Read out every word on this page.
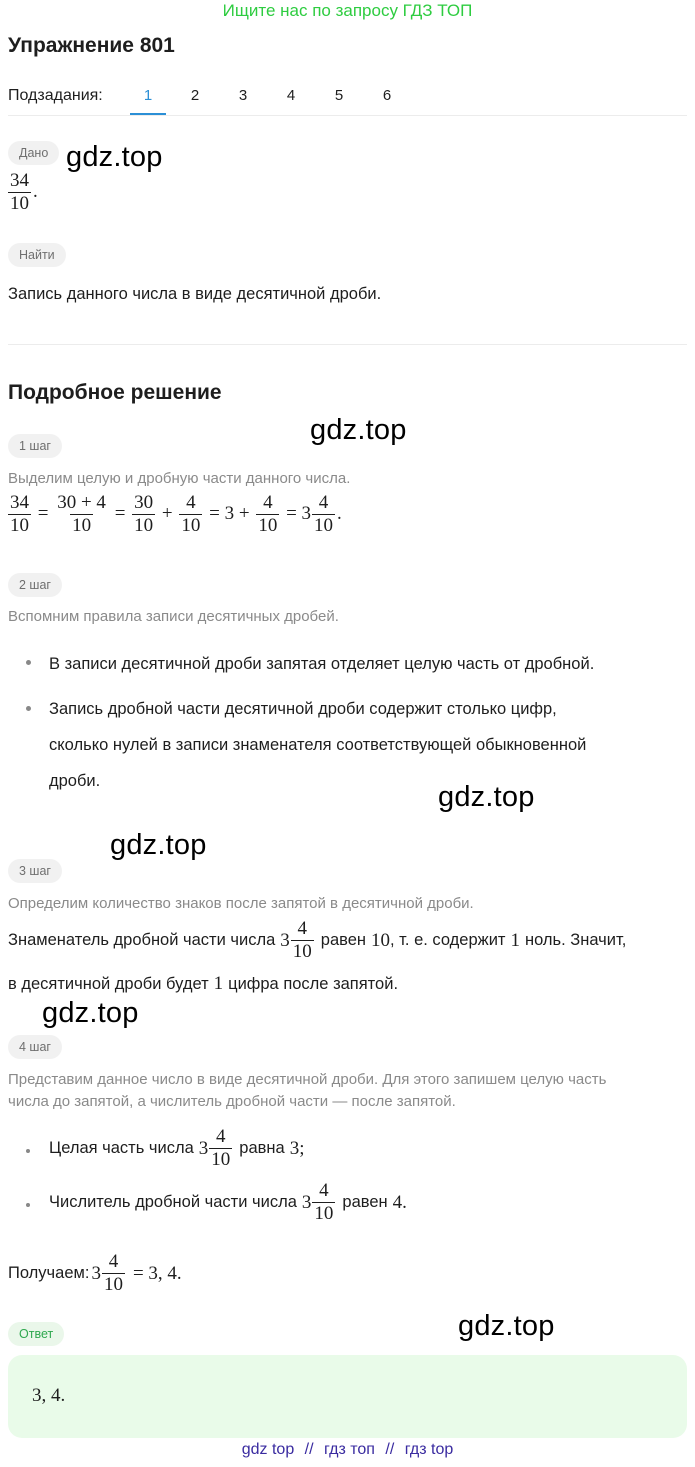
Ищите нас по запросу ГДЗ ТОП
Упражнение 801
Подзадания:	1	2	3	4	5	6
Дано gdz.top
$\frac{34}{10}$ .
Найти
Запись данного числа в виде десятичной дроби.
Подробное решение
gdz.top
1 шаг
Выделим целую и дробную части данного числа.
$\frac{34}{10} = \frac{30 + 4}{10} = \frac{30}{10} + \frac{4}{10} = 3 + \frac{4}{10} = 3 \frac{4}{10}$ .
2 шаг
Вспомним правила записи десятичных дробей.
В записи десятичной дроби запятая отделяет целую часть от дробной.
Запись дробной части десятичной дроби содержит столько цифр,
сколько нулей в записи знаменателя соответствующей обыкновенной
дроби.	gdz.top
gdz.top
3 шаг
Определим количество знаков после запятой в десятичной дроби.
Знаменатель дробной части числа $3 \frac{4}{10}$ равен 10 , т. е. содержит 1 ноль. Значит,
в десятичной дроби будет 1 цифра после запятой.
gdz.top
4 шаг
Представим данное число в виде десятичной дроби. Для этого запишем целую часть
числа до запятой, а числитель дробной части — после запятой.
Целая часть числа $3 \frac{4}{10}$ равна 3;
Числитель дробной части числа $3 \frac{4}{10}$ равен 4.
Получаем: $3 \frac{4}{10} = 3$, 4.
gdz.top
Ответ
3, 4.
gdz top // гдз топ // гдз top
